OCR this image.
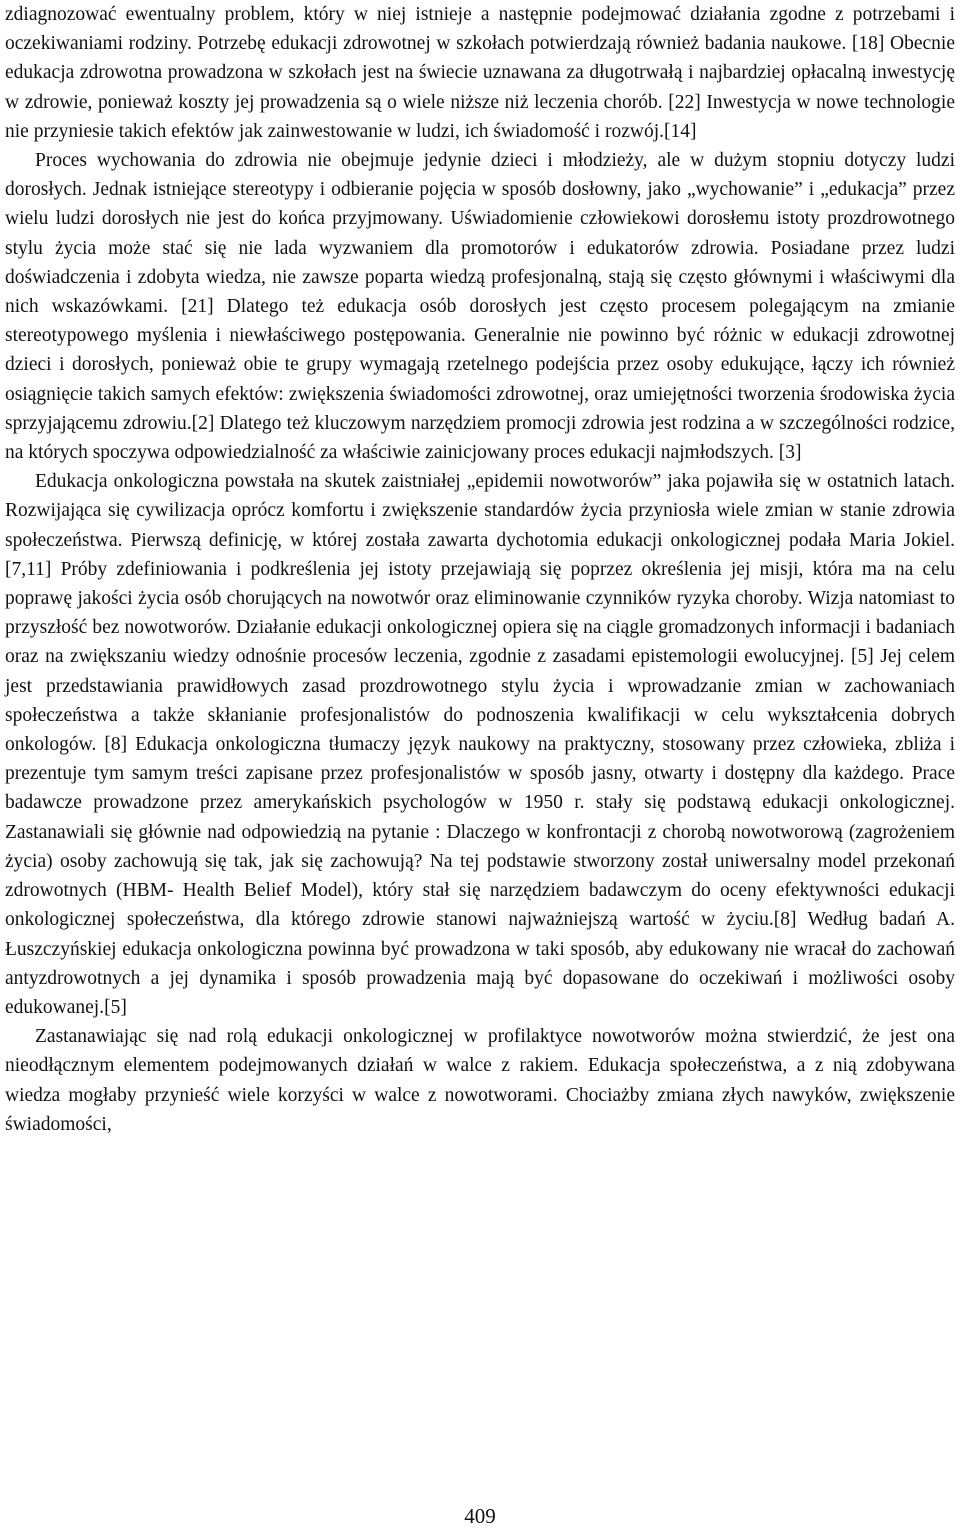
zdiagnozować ewentualny problem, który w niej istnieje a następnie podejmować działania zgodne z potrzebami i oczekiwaniami rodziny. Potrzebę edukacji zdrowotnej w szkołach potwierdzają również badania naukowe. [18] Obecnie edukacja zdrowotna prowadzona w szkołach jest na świecie uznawana za długotrwałą i najbardziej opłacalną inwestycję w zdrowie, ponieważ koszty jej prowadzenia są o wiele niższe niż leczenia chorób. [22] Inwestycja w nowe technologie nie przyniesie takich efektów jak zainwestowanie w ludzi, ich świadomość i rozwój.[14]

Proces wychowania do zdrowia nie obejmuje jedynie dzieci i młodzieży, ale w dużym stopniu dotyczy ludzi dorosłych. Jednak istniejące stereotypy i odbieranie pojęcia w sposób dosłowny, jako „wychowanie” i „edukacja” przez wielu ludzi dorosłych nie jest do końca przyjmowany. Uświadomienie człowiekowi dorosłemu istoty prozdrowotnego stylu życia może stać się nie lada wyzwaniem dla promotorów i edukatorów zdrowia. Posiadane przez ludzi doświadczenia i zdobyta wiedza, nie zawsze poparta wiedzą profesjonalną, stają się często głównymi i właściwymi dla nich wskazówkami. [21] Dlatego też edukacja osób dorosłych jest często procesem polegającym na zmianie stereotypowego myślenia i niewłaściwego postępowania. Generalnie nie powinno być różnic w edukacji zdrowotnej dzieci i dorosłych, ponieważ obie te grupy wymagają rzetelnego podejścia przez osoby edukujące, łączy ich również osiągnięcie takich samych efektów: zwiększenia świadomości zdrowotnej, oraz umiejętności tworzenia środowiska życia sprzyjającemu zdrowiu.[2] Dlatego też kluczowym narzędziem promocji zdrowia jest rodzina a w szczególności rodzice, na których spoczywa odpowiedzialność za właściwie zainicjowany proces edukacji najmłodszych. [3]

Edukacja onkologiczna powstała na skutek zaistniałej „epidemii nowotworów” jaka pojawiła się w ostatnich latach. Rozwijająca się cywilizacja oprócz komfortu i zwiększenie standardów życia przyniosła wiele zmian w stanie zdrowia społeczeństwa. Pierwszą definicję, w której została zawarta dychotomia edukacji onkologicznej podała Maria Jokiel. [7,11] Próby zdefiniowania i podkreślenia jej istoty przejawiają się poprzez określenia jej misji, która ma na celu poprawę jakości życia osób chorujących na nowotwór oraz eliminowanie czynników ryzyka choroby. Wizja natomiast to przyszłość bez nowotworów. Działanie edukacji onkologicznej opiera się na ciągle gromadzonych informacji i badaniach oraz na zwiększaniu wiedzy odnośnie procesów leczenia, zgodnie z zasadami epistemologii ewolucyjnej. [5] Jej celem jest przedstawiania prawidłowych zasad prozdrowotnego stylu życia i wprowadzanie zmian w zachowaniach społeczeństwa a także skłanianie profesjonalistów do podnoszenia kwalifikacji w celu wykształcenia dobrych onkologów. [8] Edukacja onkologiczna tłumaczy język naukowy na praktyczny, stosowany przez człowieka, zbliża i prezentuje tym samym treści zapisane przez profesjonalistów w sposób jasny, otwarty i dostępny dla każdego. Prace badawcze prowadzone przez amerykańskich psychologów w 1950 r. stały się podstawą edukacji onkologicznej. Zastanawiali się głównie nad odpowiedzią na pytanie : Dlaczego w konfrontacji z chorobą nowotworową (zagrożeniem życia) osoby zachowują się tak, jak się zachowują? Na tej podstawie stworzony został uniwersalny model przekonań zdrowotnych (HBM- Health Belief Model), który stał się narzędziem badawczym do oceny efektywności edukacji onkologicznej społeczeństwa, dla którego zdrowie stanowi najważniejszą wartość w życiu.[8] Według badań A. Łuszczyńskiej edukacja onkologiczna powinna być prowadzona w taki sposób, aby edukowany nie wracał do zachowań antyzdrowotnych a jej dynamika i sposób prowadzenia mają być dopasowane do oczekiwań i możliwości osoby edukowanej.[5]

Zastanawiając się nad rolą edukacji onkologicznej w profilaktyce nowotworów można stwierdzić, że jest ona nieodłącznym elementem podejmowanych działań w walce z rakiem. Edukacja społeczeństwa, a z nią zdobywana wiedza mogłaby przynieść wiele korzyści w walce z nowotworami. Chociażby zmiana złych nawyków, zwiększenie świadomości,

409
